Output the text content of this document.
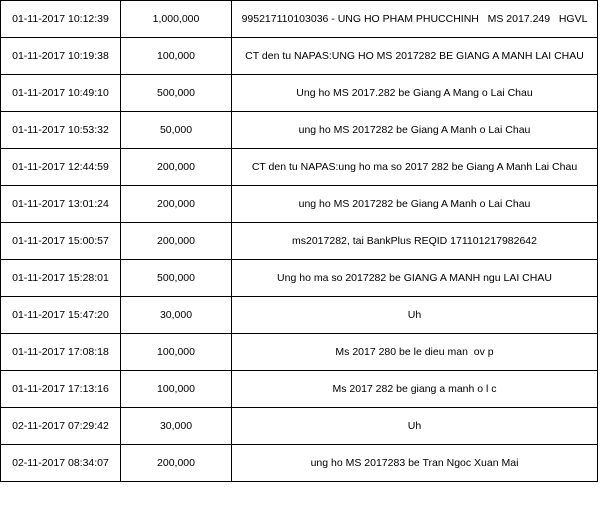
01-11-2017 10:12:39	1,000,000	995217110103036 - UNG HO PHAM PHUCCHINH   MS 2017.249   HGVL
01-11-2017 10:19:38	100,000	CT den tu NAPAS:UNG HO MS 2017282 BE GIANG A MANH LAI CHAU
01-11-2017 10:49:10	500,000	Ung ho MS 2017.282 be Giang A Mang o Lai Chau
01-11-2017 10:53:32	50,000	ung ho MS 2017282 be Giang A Manh o Lai Chau
01-11-2017 12:44:59	200,000	CT den tu NAPAS:ung ho ma so 2017 282 be Giang A Manh Lai Chau
01-11-2017 13:01:24	200,000	ung ho MS 2017282 be Giang A Manh o Lai Chau
01-11-2017 15:00:57	200,000	ms2017282, tai BankPlus REQID 171101217982642
01-11-2017 15:28:01	500,000	Ung ho ma so 2017282 be GIANG A MANH ngu LAI CHAU
01-11-2017 15:47:20	30,000	Uh
01-11-2017 17:08:18	100,000	Ms 2017 280 be le dieu man  ov p
01-11-2017 17:13:16	100,000	Ms 2017 282 be giang a manh o l c
02-11-2017 07:29:42	30,000	Uh
02-11-2017 08:34:07	200,000	ung ho MS 2017283 be Tran Ngoc Xuan Mai
